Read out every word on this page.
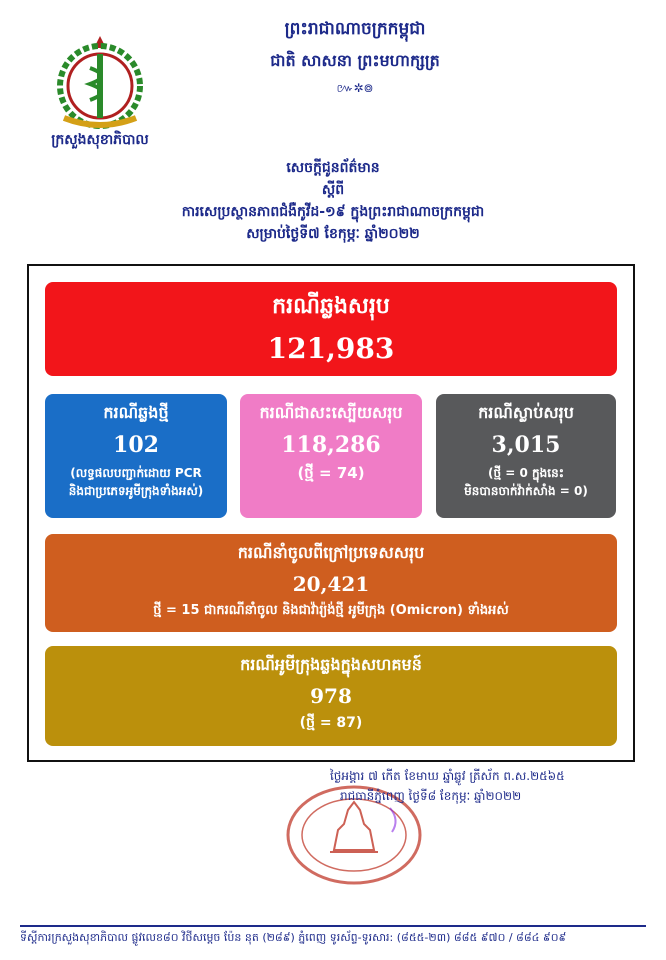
ក្រសួងសុខាភិបាល
ព្រះរាជាណាចក្រកម្ពុជា
ជាតិ សាសនា ព្រះមហាក្សត្រ
៚✲៙
សេចក្តីជូនព័ត៌មាន
ស្តីពី
ការសេប្រស្ថានភាពជំងឺកូវីដ-១៩ ក្នុងព្រះរាជាណាចក្រកម្ពុជា
សម្រាប់ថ្ងៃទី៧ ខែកុម្ភៈ ឆ្នាំ២០២២
ករណីឆ្លងសរុប
121,983
ករណីឆ្លងថ្មី
102
(លទ្ធផលបញ្ជាក់ដោយ PCR
និងជាប្រភេទអូមីក្រុងទាំងអស់)
ករណីជាសះស្បើយសរុប
118,286
(ថ្មី = 74)
ករណីស្លាប់សរុប
3,015
(ថ្មី = 0 ក្នុងនេះ
មិនបានចាក់វ៉ាក់សាំង = 0)
ករណីនាំចូលពីក្រៅប្រទេសសរុប
20,421
ថ្មី = 15 ជាករណីនាំចូល និងជាវ៉ារ្យ៉ង់ថ្មី អូមីក្រុង (Omicron) ទាំងអស់
ករណីអូមីក្រុងឆ្លងក្នុងសហគមន៍
978
(ថ្មី = 87)
ថ្ងៃអង្គារ ៧ កើត ខែមាឃ ឆ្នាំឆ្លូវ ត្រីស័ក ព.ស.២៥៦៥
រាជធានីភ្នំពេញ ថ្ងៃទី៨ ខែកុម្ភៈ ឆ្នាំ២០២២
ទីស្តីការក្រសួងសុខាភិបាល ផ្លូវលេខ៨០ វិថីសម្តេច ប៉ែន នុត (២៨៩) ភ្នំពេញ ទូរស័ព្ទ-ទូរសារ: (៨៥៥-២៣) ៨៨៥ ៩៧០ / ៨៨៤ ៩០៩
